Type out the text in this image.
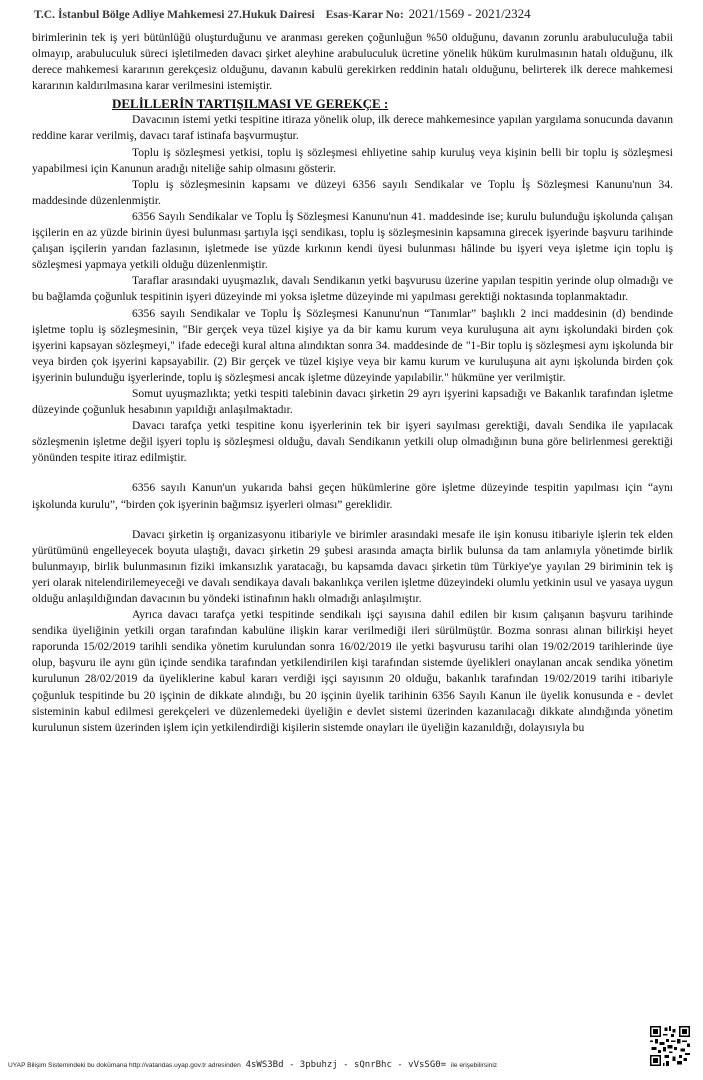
T.C. İstanbul Bölge Adliye Mahkemesi 27.Hukuk Dairesi Esas-Karar No: 2021/1569 - 2021/2324

birimlerinin tek iş yeri bütünlüğü oluşturduğunu ve aranması gereken çoğunluğun %50 olduğunu, davanın zorunlu arabuluculuğa tabii olmayıp, arabuluculuk süreci işletilmeden davacı şirket aleyhine arabuluculuk ücretine yönelik hüküm kurulmasının hatalı olduğunu, ilk derece mahkemesi kararının gerekçesiz olduğunu, davanın kabulü gerekirken reddinin hatalı olduğunu, belirterek ilk derece mahkemesi kararının kaldırılmasına karar verilmesini istemiştir.

DELİLLERİN TARTIŞILMASI VE GEREKÇE :

Davacının istemi yetki tespitine itiraza yönelik olup, ilk derece mahkemesince yapılan yargılama sonucunda davanın reddine karar verilmiş, davacı taraf istinafa başvurmuştur.

Toplu iş sözleşmesi yetkisi, toplu iş sözleşmesi ehliyetine sahip kuruluş veya kişinin belli bir toplu iş sözleşmesi yapabilmesi için Kanunun aradığı niteliğe sahip olmasını gösterir.

Toplu iş sözleşmesinin kapsamı ve düzeyi 6356 sayılı Sendikalar ve Toplu İş Sözleşmesi Kanunu'nun 34. maddesinde düzenlenmiştir.

6356 Sayılı Sendikalar ve Toplu İş Sözleşmesi Kanunu'nun 41. maddesinde ise; kurulu bulunduğu işkolunda çalışan işçilerin en az yüzde birinin üyesi bulunması şartıyla işçi sendikası, toplu iş sözleşmesinin kapsamına girecek işyerinde başvuru tarihinde çalışan işçilerin yarıdan fazlasının, işletmede ise yüzde kırkının kendi üyesi bulunması hâlinde bu işyeri veya işletme için toplu iş sözleşmesi yapmaya yetkili olduğu düzenlenmiştir.

Taraflar arasındaki uyuşmazlık, davalı Sendikanın yetki başvurusu üzerine yapılan tespitin yerinde olup olmadığı ve bu bağlamda çoğunluk tespitinin işyeri düzeyinde mi yoksa işletme düzeyinde mi yapılması gerektiği noktasında toplanmaktadır.

6356 sayılı Sendikalar ve Toplu İş Sözleşmesi Kanunu'nun “Tanımlar” başlıklı 2 inci maddesinin (d) bendinde işletme toplu iş sözleşmesinin, "Bir gerçek veya tüzel kişiye ya da bir kamu kurum veya kuruluşuna ait aynı işkolundaki birden çok işyerini kapsayan sözleşmeyi," ifade edeceği kural altına alındıktan sonra 34. maddesinde de "1-Bir toplu iş sözleşmesi aynı işkolunda bir veya birden çok işyerini kapsayabilir. (2) Bir gerçek ve tüzel kişiye veya bir kamu kurum ve kuruluşuna ait aynı işkolunda birden çok işyerinin bulunduğu işyerlerinde, toplu iş sözleşmesi ancak işletme düzeyinde yapılabilir." hükmüne yer verilmiştir.

Somut uyuşmazlıkta; yetki tespiti talebinin davacı şirketin 29 ayrı işyerini kapsadığı ve Bakanlık tarafından işletme düzeyinde çoğunluk hesabının yapıldığı anlaşılmaktadır.

Davacı tarafça yetki tespitine konu işyerlerinin tek bir işyeri sayılması gerektiği, davalı Sendika ile yapılacak sözleşmenin işletme değil işyeri toplu iş sözleşmesi olduğu, davalı Sendikanın yetkili olup olmadığının buna göre belirlenmesi gerektiği yönünden tespite itiraz edilmiştir.

6356 sayılı Kanun'un yukarıda bahsi geçen hükümlerine göre işletme düzeyinde tespitin yapılması için “aynı işkolunda kurulu”, “birden çok işyerinin bağımsız işyerleri olması” gereklidir.

Davacı şirketin iş organizasyonu itibariyle ve birimler arasındaki mesafe ile işin konusu itibariyle işlerin tek elden yürütümünü engelleyecek boyuta ulaştığı, davacı şirketin 29 şubesi arasında amaçta birlik bulunsa da tam anlamıyla yönetimde birlik bulunmayıp, birlik bulunmasının fiziki imkansızlık yaratacağı, bu kapsamda davacı şirketin tüm Türkiye'ye yayılan 29 biriminin tek iş yeri olarak nitelendirilemeyeceği ve davalı sendikaya davalı bakanlıkça verilen işletme düzeyindeki olumlu yetkinin usul ve yasaya uygun olduğu anlaşıldığından davacının bu yöndeki istinafının haklı olmadığı anlaşılmıştır.

Ayrıca davacı tarafça yetki tespitinde sendikalı işçi sayısına dahil edilen bir kısım çalışanın başvuru tarihinde sendika üyeliğinin yetkili organ tarafından kabulüne ilişkin karar verilmediği ileri sürülmüştür. Bozma sonrası alınan bilirkişi heyet raporunda 15/02/2019 tarihli sendika yönetim kurulundan sonra 16/02/2019 ile yetki başvurusu tarihi olan 19/02/2019 tarihlerinde üye olup, başvuru ile aynı gün içinde sendika tarafından yetkilendirilen kişi tarafından sistemde üyelikleri onaylanan ancak sendika yönetim kurulunun 28/02/2019 da üyeliklerine kabul kararı verdiği işçi sayısının 20 olduğu, bakanlık tarafından 19/02/2019 tarihi itibariyle çoğunluk tespitinde bu 20 işçinin de dikkate alındığı, bu 20 işçinin üyelik tarihinin 6356 Sayılı Kanun ile üyelik konusunda e - devlet sisteminin kabul edilmesi gerekçeleri ve düzenlemedeki üyeliğin e devlet sistemi üzerinden kazanılacağı dikkate alındığında yönetim kurulunun sistem üzerinden işlem için yetkilendirdiği kişilerin sistemde onayları ile üyeliğin kazanıldığı, dolayısıyla bu

UYAP Bilişim Sistemindeki bu dokümana http://vatandas.uyap.gov.tr adresinden 4sWS3Bd - 3pbuhzj - sQnrBhc - vVsSG0= ile erişebilirsiniz
